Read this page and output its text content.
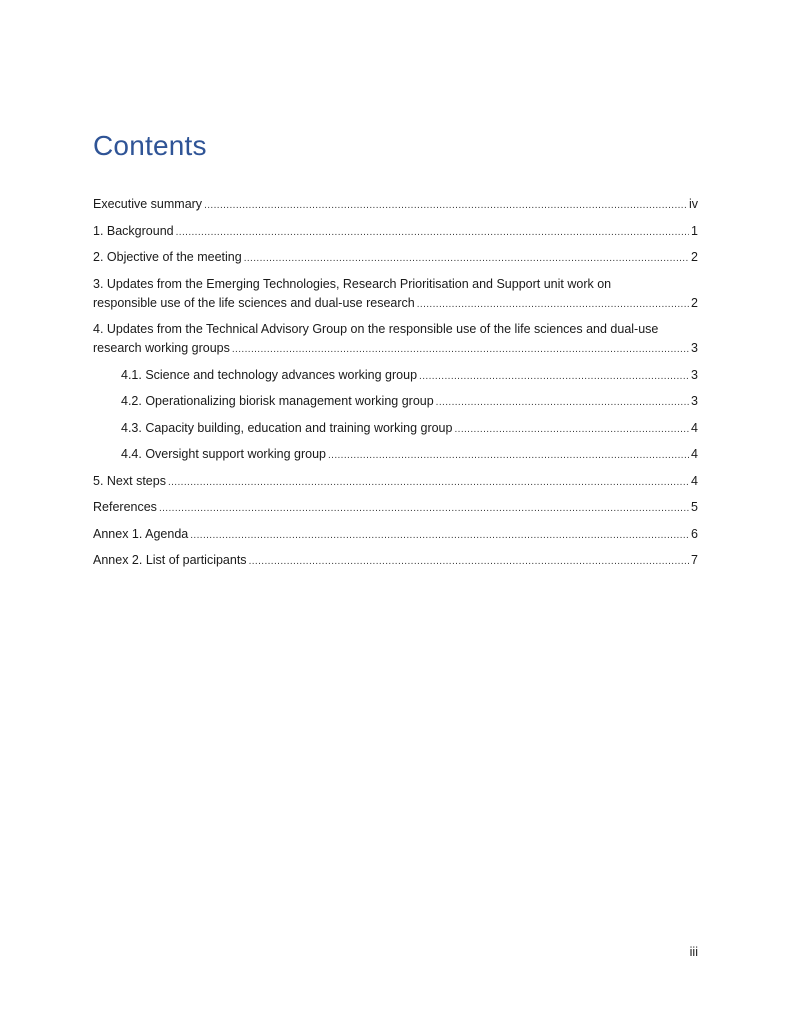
Contents
Executive summary .....	iv
1. Background .....	1
2. Objective of the meeting .....	2
3. Updates from the Emerging Technologies, Research Prioritisation and Support unit work on
responsible use of the life sciences and dual-use research .....	2
4. Updates from the Technical Advisory Group on the responsible use of the life sciences and dual-use
research working groups .....	3
4.1. Science and technology advances working group .....	3
4.2. Operationalizing biorisk management working group .....	3
4.3. Capacity building, education and training working group .....	4
4.4. Oversight support working group .....	4
5. Next steps .....	4
References .....	5
Annex 1. Agenda .....	6
Annex 2. List of participants .....	7
iii
